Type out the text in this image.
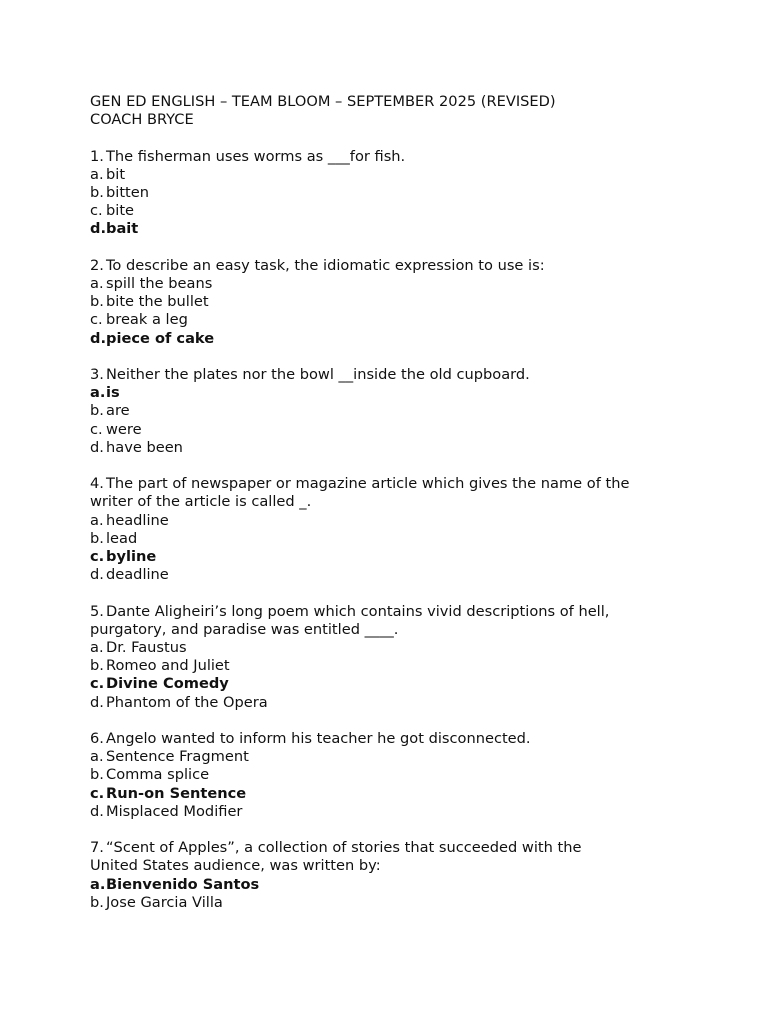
GEN ED ENGLISH – TEAM BLOOM – SEPTEMBER 2025 (REVISED)
COACH BRYCE
1. The fisherman uses worms as ___for fish.
a. bit
b. bitten
c. bite
d. bait
2. To describe an easy task, the idiomatic expression to use is:
a. spill the beans
b. bite the bullet
c. break a leg
d. piece of cake
3. Neither the plates nor the bowl __inside the old cupboard.
a. is
b. are
c. were
d. have been
4. The part of newspaper or magazine article which gives the name of the
writer of the article is called _.
a. headline
b. lead
c. byline
d. deadline
5. Dante Aligheiri’s long poem which contains vivid descriptions of hell,
purgatory, and paradise was entitled ____.
a. Dr. Faustus
b. Romeo and Juliet
c. Divine Comedy
d. Phantom of the Opera
6. Angelo wanted to inform his teacher he got disconnected.
a. Sentence Fragment
b. Comma splice
c. Run-on Sentence
d. Misplaced Modifier
7. “Scent of Apples”, a collection of stories that succeeded with the
United States audience, was written by:
a. Bienvenido Santos
b. Jose Garcia Villa
